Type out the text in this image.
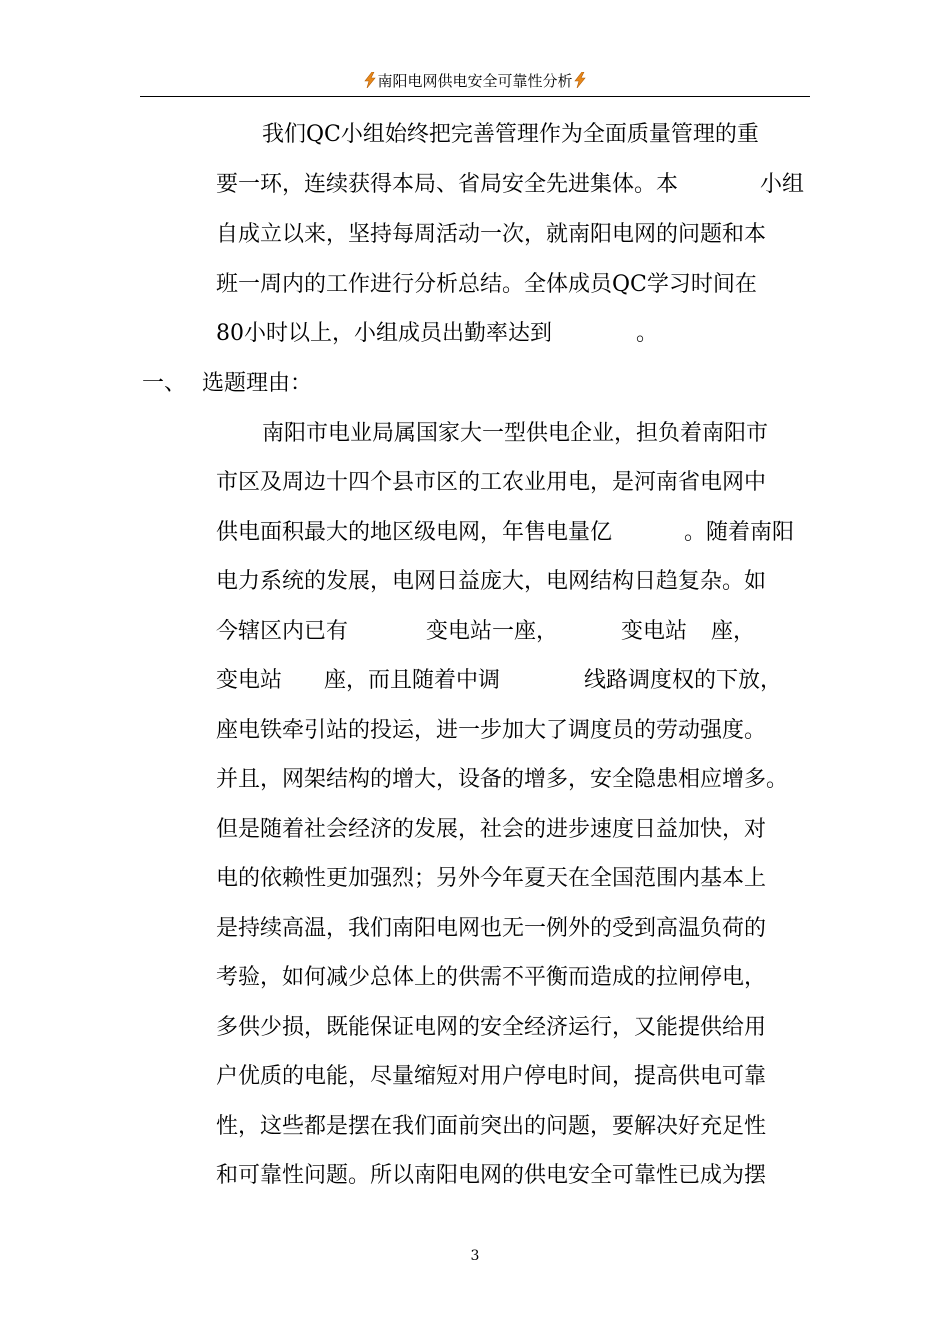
南阳电网供电安全可靠性分析
我们QC小组始终把完善管理作为全面质量管理的重
要一环，连续获得本局、省局安全先进集体。本	小组
自成立以来，坚持每周活动一次，就南阳电网的问题和本
班一周内的工作进行分析总结。全体成员QC学习时间在
80小时以上，小组成员出勤率达到	。
一、 选题理由：
南阳市电业局属国家大一型供电企业，担负着南阳市
市区及周边十四个县市区的工农业用电，是河南省电网中
供电面积最大的地区级电网，年售电量亿	。随着南阳
电力系统的发展，电网日益庞大，电网结构日趋复杂。如
今辖区内已有	变电站一座，	变电站 座，
变电站 座，而且随着中调	线路调度权的下放，
座电铁牵引站的投运，进一步加大了调度员的劳动强度。
并且，网架结构的增大，设备的增多，安全隐患相应增多。
但是随着社会经济的发展，社会的进步速度日益加快，对
电的依赖性更加强烈；另外今年夏天在全国范围内基本上
是持续高温，我们南阳电网也无一例外的受到高温负荷的
考验，如何减少总体上的供需不平衡而造成的拉闸停电，
多供少损，既能保证电网的安全经济运行，又能提供给用
户优质的电能，尽量缩短对用户停电时间，提高供电可靠
性，这些都是摆在我们面前突出的问题，要解决好充足性
和可靠性问题。所以南阳电网的供电安全可靠性已成为摆
3
